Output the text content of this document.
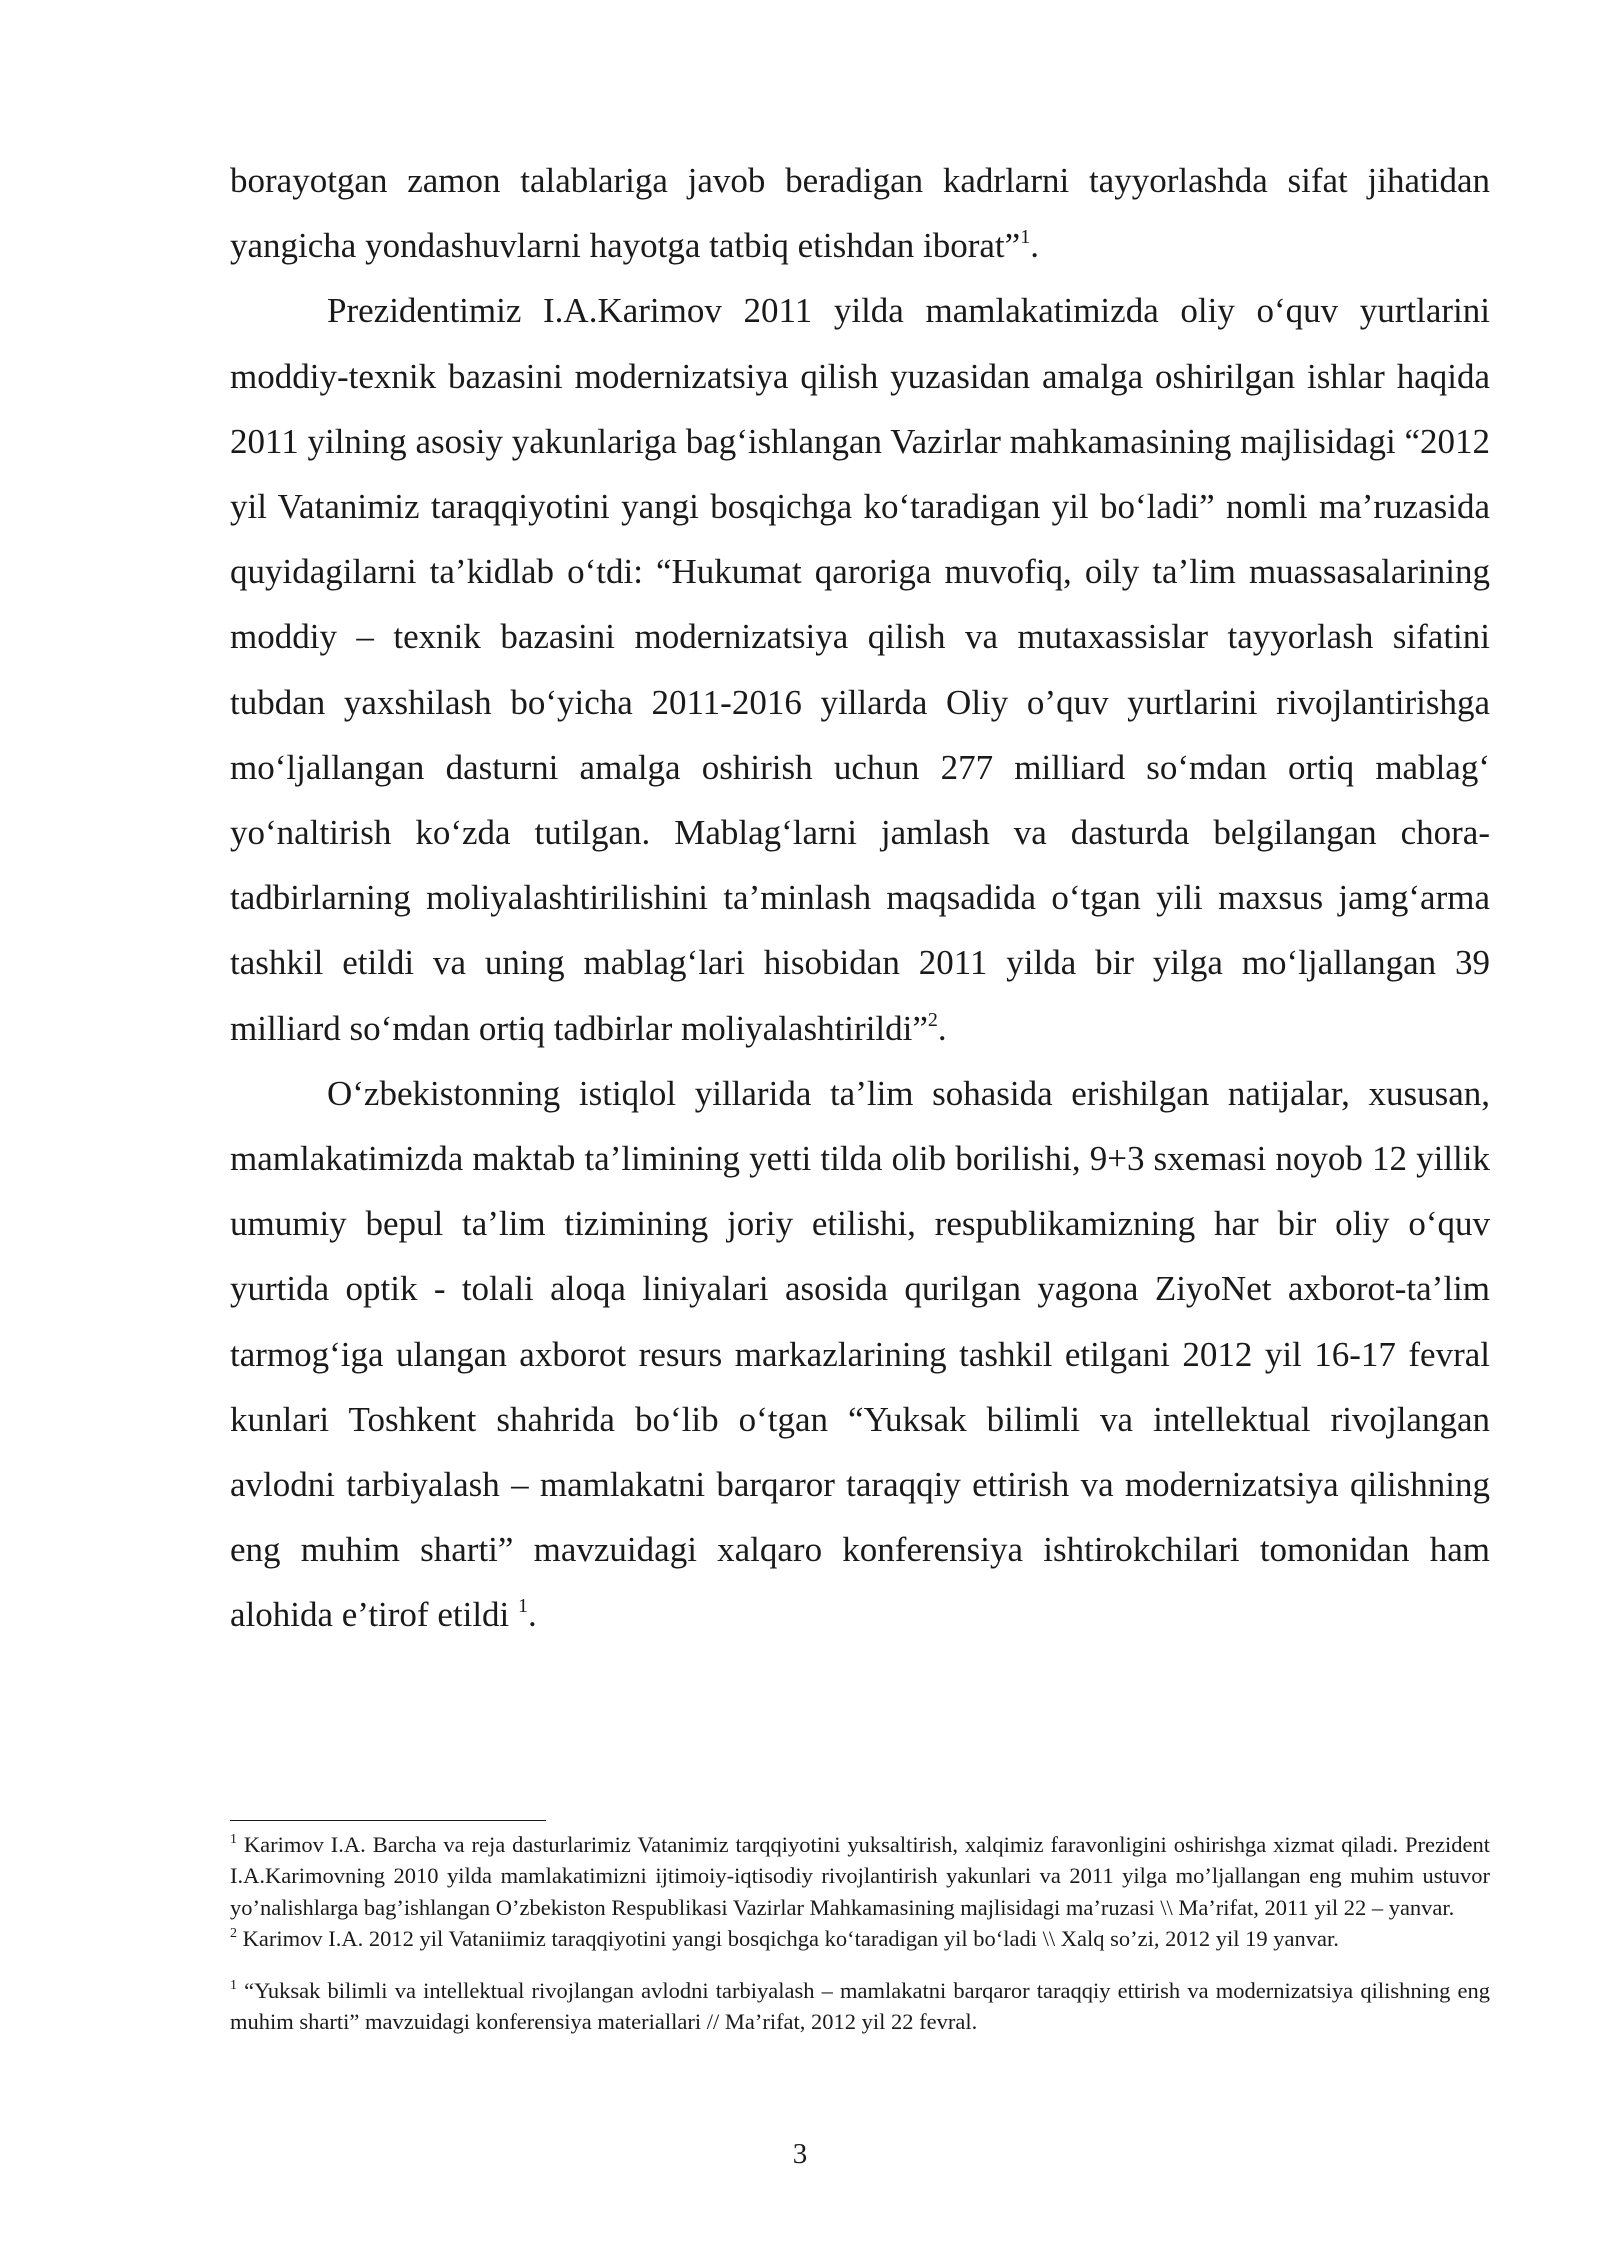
borayotgan zamon talablariga javob beradigan kadrlarni tayyorlashda sifat jihatidan yangicha yondashuvlarni hayotga tatbiq etishdan iborat”$^1$.

Prezidentimiz I.A.Karimov 2011 yilda mamlakatimizda oliy o‘quv yurtlarini moddiy-texnik bazasini modernizatsiya qilish yuzasidan amalga oshirilgan ishlar haqida 2011 yilning asosiy yakunlariga bag‘ishlangan Vazirlar mahkamasining majlisidagi “2012 yil Vatanimiz taraqqiyotini yangi bosqichga ko‘taradigan yil bo‘ladi” nomli ma’ruzasida quyidagilarni ta’kidlab o‘tdi: “Hukumat qaroriga muvofiq, oily ta’lim muassasalarining moddiy – texnik bazasini modernizatsiya qilish va mutaxassislar tayyorlash sifatini tubdan yaxshilash bo‘yicha 2011-2016 yillarda Oliy o’quv yurtlarini rivojlantirishga mo‘ljallangan dasturni amalga oshirish uchun 277 milliard so‘mdan ortiq mablag‘ yo‘naltirish ko‘zda tutilgan. Mablag‘larni jamlash va dasturda belgilangan chora-tadbirlarning moliyalashtirilishini ta’minlash maqsadida o‘tgan yili maxsus jamg‘arma tashkil etildi va uning mablag‘lari hisobidan 2011 yilda bir yilga mo‘ljallangan 39 milliard so‘mdan ortiq tadbirlar moliyalashtirildi”$^2$.

O‘zbekistonning istiqlol yillarida ta’lim sohasida erishilgan natijalar, xususan, mamlakatimizda maktab ta’limining yetti tilda olib borilishi, 9+3 sxemasi noyob 12 yillik umumiy bepul ta’lim tizimining joriy etilishi, respublikamizning har bir oliy o‘quv yurtida optik - tolali aloqa liniyalari asosida qurilgan yagona ZiyoNet axborot-ta’lim tarmog‘iga ulangan axborot resurs markazlarining tashkil etilgani 2012 yil 16-17 fevral kunlari Toshkent shahrida bo‘lib o‘tgan “Yuksak bilimli va intellektual rivojlangan avlodni tarbiyalash – mamlakatni barqaror taraqqiy ettirish va modernizatsiya qilishning eng muhim sharti” mavzuidagi xalqaro konferensiya ishtirokchilari tomonidan ham alohida e’tirof etildi $^1$.

$^1$ Karimov I.A. Barcha va reja dasturlarimiz Vatanimiz tarqqiyotini yuksaltirish, xalqimiz faravonligini oshirishga xizmat qiladi. Prezident I.A.Karimovning 2010 yilda mamlakatimizni ijtimoiy-iqtisodiy rivojlantirish yakunlari va 2011 yilga mo’ljallangan eng muhim ustuvor yo’nalishlarga bag’ishlangan O’zbekiston Respublikasi Vazirlar Mahkamasining majlisidagi ma’ruzasi \\ Ma’rifat, 2011 yil 22 – yanvar.

$^2$ Karimov I.A. 2012 yil Vataniimiz taraqqiyotini yangi bosqichga ko‘taradigan yil bo‘ladi \\ Xalq so’zi, 2012 yil 19 yanvar.

$^1$ “Yuksak bilimli va intellektual rivojlangan avlodni tarbiyalash – mamlakatni barqaror taraqqiy ettirish va modernizatsiya qilishning eng muhim sharti” mavzuidagi konferensiya materiallari // Ma’rifat, 2012 yil 22 fevral.

3
